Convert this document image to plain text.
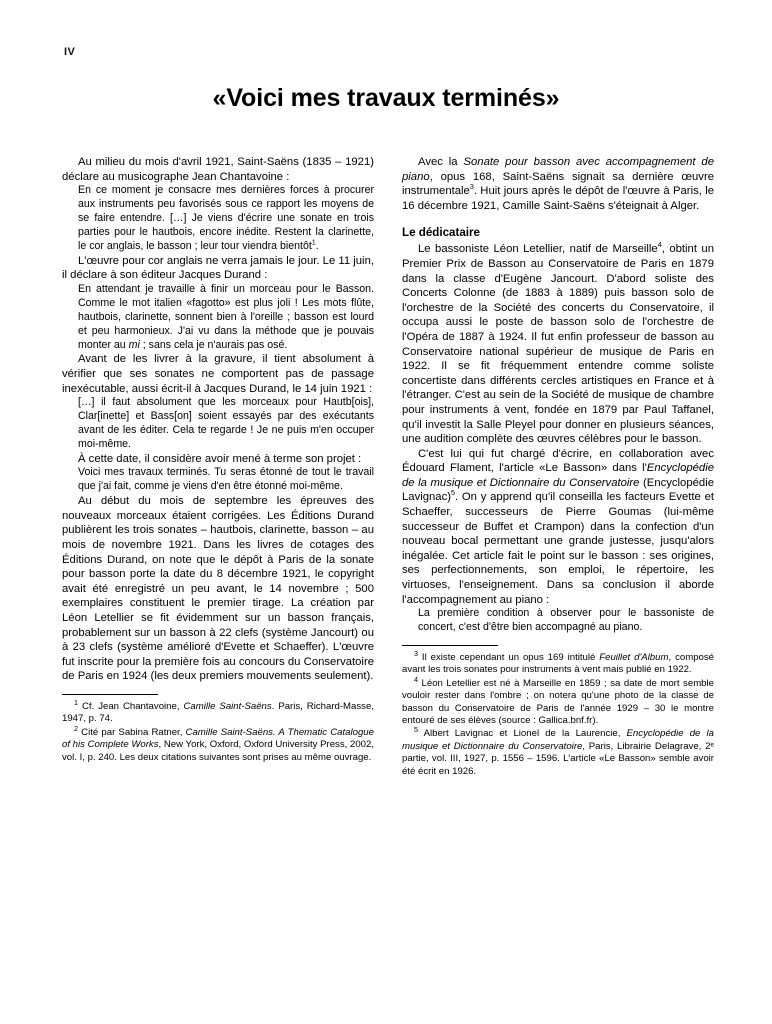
IV
«Voici mes travaux terminés»

Au milieu du mois d'avril 1921, Saint-Saëns (1835 – 1921) déclare au musicographe Jean Chantavoine :

En ce moment je consacre mes dernières forces à procurer aux instruments peu favorisés sous ce rapport les moyens de se faire entendre. […] Je viens d'écrire une sonate en trois parties pour le hautbois, encore inédite. Restent la clarinette, le cor anglais, le basson ; leur tour viendra bientôt$^1$.

L'œuvre pour cor anglais ne verra jamais le jour. Le 11 juin, il déclare à son éditeur Jacques Durand :

En attendant je travaille à finir un morceau pour le Basson. Comme le mot italien «fagotto» est plus joli ! Les mots flûte, hautbois, clarinette, sonnent bien à l'oreille ; basson est lourd et peu harmonieux. J'ai vu dans la méthode que je pouvais monter au mi ; sans cela je n'aurais pas osé.

Avant de les livrer à la gravure, il tient absolument à vérifier que ses sonates ne comportent pas de passage inexécutable, aussi écrit-il à Jacques Durand, le 14 juin 1921 :

[…] il faut absolument que les morceaux pour Hautb[ois], Clar[inette] et Bass[on] soient essayés par des exécutants avant de les éditer. Cela te regarde ! Je ne puis m'en occuper moi-même.

À cette date, il considère avoir mené à terme son projet :

Voici mes travaux terminés. Tu seras étonné de tout le travail que j'ai fait, comme je viens d'en être étonné moi-même.

Au début du mois de septembre les épreuves des nouveaux morceaux étaient corrigées. Les Éditions Durand publièrent les trois sonates – hautbois, clarinette, basson – au mois de novembre 1921. Dans les livres de cotages des Éditions Durand, on note que le dépôt à Paris de la sonate pour basson porte la date du 8 décembre 1921, le copyright avait été enregistré un peu avant, le 14 novembre ; 500 exemplaires constituent le premier tirage. La création par Léon Letellier se fit évidemment sur un basson français, probablement sur un basson à 22 clefs (système Jancourt) ou à 23 clefs (système amélioré d'Evette et Schaeffer). L'œuvre fut inscrite pour la première fois au concours du Conservatoire de Paris en 1924 (les deux premiers mouvements seulement).

$^1$ Cf. Jean Chantavoine, Camille Saint-Saëns. Paris, Richard-Masse, 1947, p. 74.

$^2$ Cité par Sabina Ratner, Camille Saint-Saëns. A Thematic Catalogue of his Complete Works, New York, Oxford, Oxford University Press, 2002, vol. I, p. 240. Les deux citations suivantes sont prises au même ouvrage.

Avec la Sonate pour basson avec accompagnement de piano, opus 168, Saint-Saëns signait sa dernière œuvre instrumentale$^3$. Huit jours après le dépôt de l'œuvre à Paris, le 16 décembre 1921, Camille Saint-Saëns s'éteignait à Alger.

Le dédicataire

Le bassoniste Léon Letellier, natif de Marseille$^4$, obtint un Premier Prix de Basson au Conservatoire de Paris en 1879 dans la classe d'Eugène Jancourt. D'abord soliste des Concerts Colonne (de 1883 à 1889) puis basson solo de l'orchestre de la Société des concerts du Conservatoire, il occupa aussi le poste de basson solo de l'orchestre de l'Opéra de 1887 à 1924. Il fut enfin professeur de basson au Conservatoire national supérieur de musique de Paris en 1922. Il se fit fréquemment entendre comme soliste concertiste dans différents cercles artistiques en France et à l'étranger. C'est au sein de la Société de musique de chambre pour instruments à vent, fondée en 1879 par Paul Taffanel, qu'il investit la Salle Pleyel pour donner en plusieurs séances, une audition complète des œuvres célèbres pour le basson.

C'est lui qui fut chargé d'écrire, en collaboration avec Édouard Flament, l'article «Le Basson» dans l'Encyclopédie de la musique et Dictionnaire du Conservatoire (Encyclopédie Lavignac)$^5$. On y apprend qu'il conseilla les facteurs Evette et Schaeffer, successeurs de Pierre Goumas (lui-même successeur de Buffet et Crampon) dans la confection d'un nouveau bocal permettant une grande justesse, jusqu'alors inégalée. Cet article fait le point sur le basson : ses origines, ses perfectionnements, son emploi, le répertoire, les virtuoses, l'enseignement. Dans sa conclusion il aborde l'accompagnement au piano :

La première condition à observer pour le bassoniste de concert, c'est d'être bien accompagné au piano.

$^3$ Il existe cependant un opus 169 intitulé Feuillet d'Album, composé avant les trois sonates pour instruments à vent mais publié en 1922.

$^4$ Léon Letellier est né à Marseille en 1859 ; sa date de mort semble vouloir rester dans l'ombre ; on notera qu'une photo de la classe de basson du Conservatoire de Paris de l'année 1929 – 30 le montre entouré de ses élèves (source : Gallica.bnf.fr).

$^5$ Albert Lavignac et Lionel de la Laurencie, Encyclopédie de la musique et Dictionnaire du Conservatoire, Paris, Librairie Delagrave, 2ᵉ partie, vol. III, 1927, p. 1556 – 1596. L'article «Le Basson» semble avoir été écrit en 1926.
